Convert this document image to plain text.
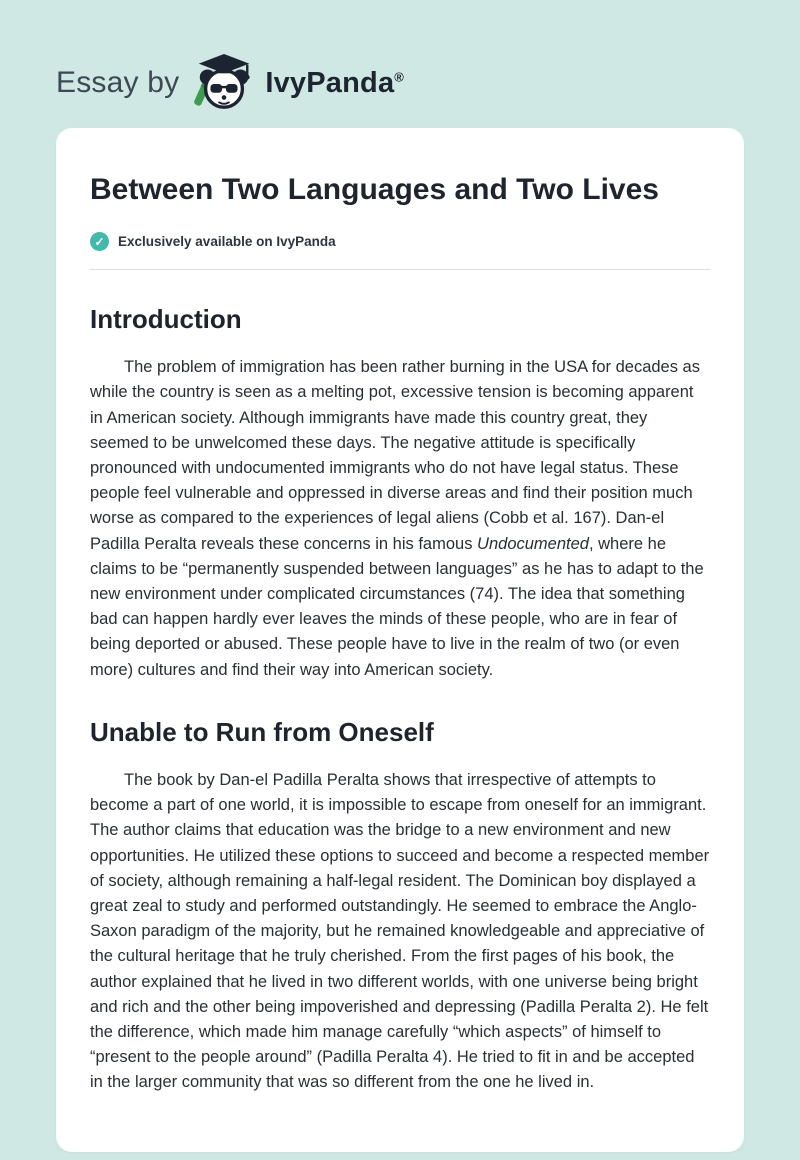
Essay by	IvyPanda®
Between Two Languages and Two Lives
✓ Exclusively available on IvyPanda
Introduction

The problem of immigration has been rather burning in the USA for decades as while the country is seen as a melting pot, excessive tension is becoming apparent in American society. Although immigrants have made this country great, they seemed to be unwelcomed these days. The negative attitude is specifically pronounced with undocumented immigrants who do not have legal status. These people feel vulnerable and oppressed in diverse areas and find their position much worse as compared to the experiences of legal aliens (Cobb et al. 167). Dan-el Padilla Peralta reveals these concerns in his famous Undocumented, where he claims to be “permanently suspended between languages” as he has to adapt to the new environment under complicated circumstances (74). The idea that something bad can happen hardly ever leaves the minds of these people, who are in fear of being deported or abused. These people have to live in the realm of two (or even more) cultures and find their way into American society.

Unable to Run from Oneself

The book by Dan-el Padilla Peralta shows that irrespective of attempts to become a part of one world, it is impossible to escape from oneself for an immigrant. The author claims that education was the bridge to a new environment and new opportunities. He utilized these options to succeed and become a respected member of society, although remaining a half-legal resident. The Dominican boy displayed a great zeal to study and performed outstandingly. He seemed to embrace the Anglo-Saxon paradigm of the majority, but he remained knowledgeable and appreciative of the cultural heritage that he truly cherished. From the first pages of his book, the author explained that he lived in two different worlds, with one universe being bright and rich and the other being impoverished and depressing (Padilla Peralta 2). He felt the difference, which made him manage carefully “which aspects” of himself to “present to the people around” (Padilla Peralta 4). He tried to fit in and be accepted in the larger community that was so different from the one he lived in.
